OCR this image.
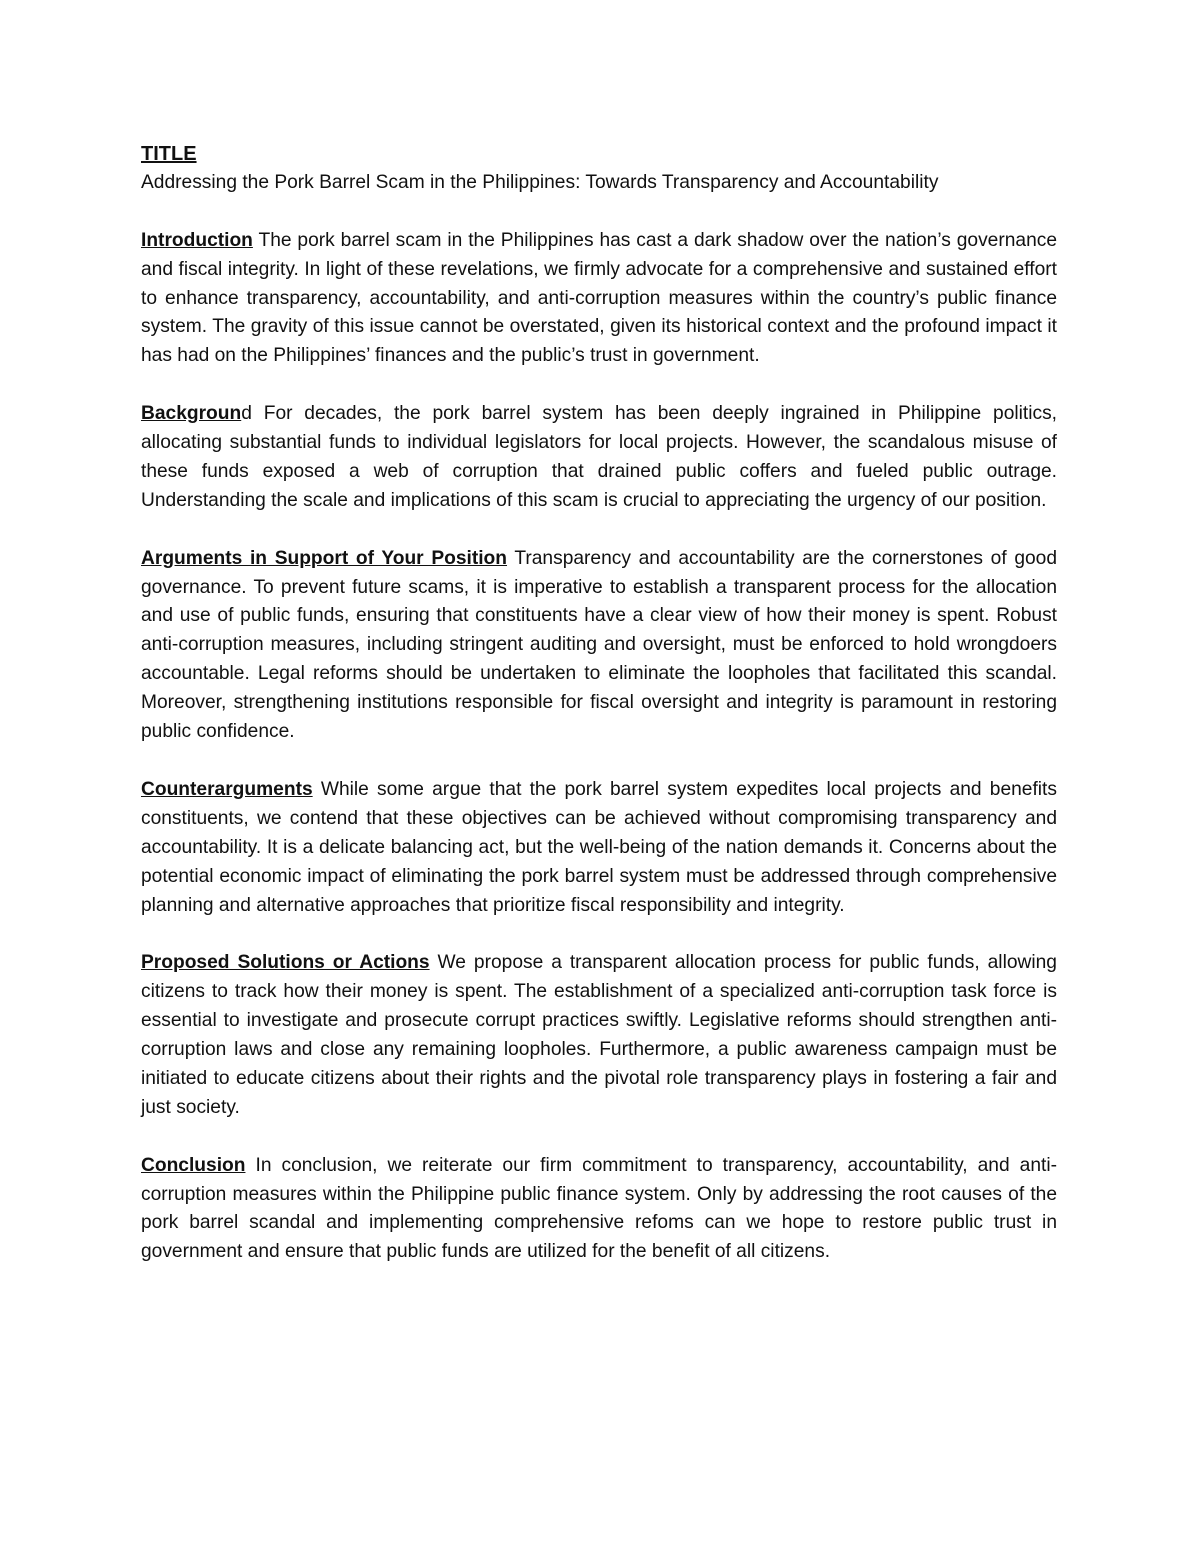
TITLE
Addressing the Pork Barrel Scam in the Philippines: Towards Transparency and Accountability

Introduction The pork barrel scam in the Philippines has cast a dark shadow over the nation’s governance and fiscal integrity. In light of these revelations, we firmly advocate for a comprehensive and sustained effort to enhance transparency, accountability, and anti-corruption measures within the country’s public finance system. The gravity of this issue cannot be overstated, given its historical context and the profound impact it has had on the Philippines’ finances and the public’s trust in government.

Background For decades, the pork barrel system has been deeply ingrained in Philippine politics, allocating substantial funds to individual legislators for local projects. However, the scandalous misuse of these funds exposed a web of corruption that drained public coffers and fueled public outrage. Understanding the scale and implications of this scam is crucial to appreciating the urgency of our position.

Arguments in Support of Your Position Transparency and accountability are the cornerstones of good governance. To prevent future scams, it is imperative to establish a transparent process for the allocation and use of public funds, ensuring that constituents have a clear view of how their money is spent. Robust anti-corruption measures, including stringent auditing and oversight, must be enforced to hold wrongdoers accountable. Legal reforms should be undertaken to eliminate the loopholes that facilitated this scandal. Moreover, strengthening institutions responsible for fiscal oversight and integrity is paramount in restoring public confidence.

Counterarguments While some argue that the pork barrel system expedites local projects and benefits constituents, we contend that these objectives can be achieved without compromising transparency and accountability. It is a delicate balancing act, but the well-being of the nation demands it. Concerns about the potential economic impact of eliminating the pork barrel system must be addressed through comprehensive planning and alternative approaches that prioritize fiscal responsibility and integrity.

Proposed Solutions or Actions We propose a transparent allocation process for public funds, allowing citizens to track how their money is spent. The establishment of a specialized anti-corruption task force is essential to investigate and prosecute corrupt practices swiftly. Legislative reforms should strengthen anti-corruption laws and close any remaining loopholes. Furthermore, a public awareness campaign must be initiated to educate citizens about their rights and the pivotal role transparency plays in fostering a fair and just society.

Conclusion In conclusion, we reiterate our firm commitment to transparency, accountability, and anti-corruption measures within the Philippine public finance system. Only by addressing the root causes of the pork barrel scandal and implementing comprehensive refoms can we hope to restore public trust in government and ensure that public funds are utilized for the benefit of all citizens.
